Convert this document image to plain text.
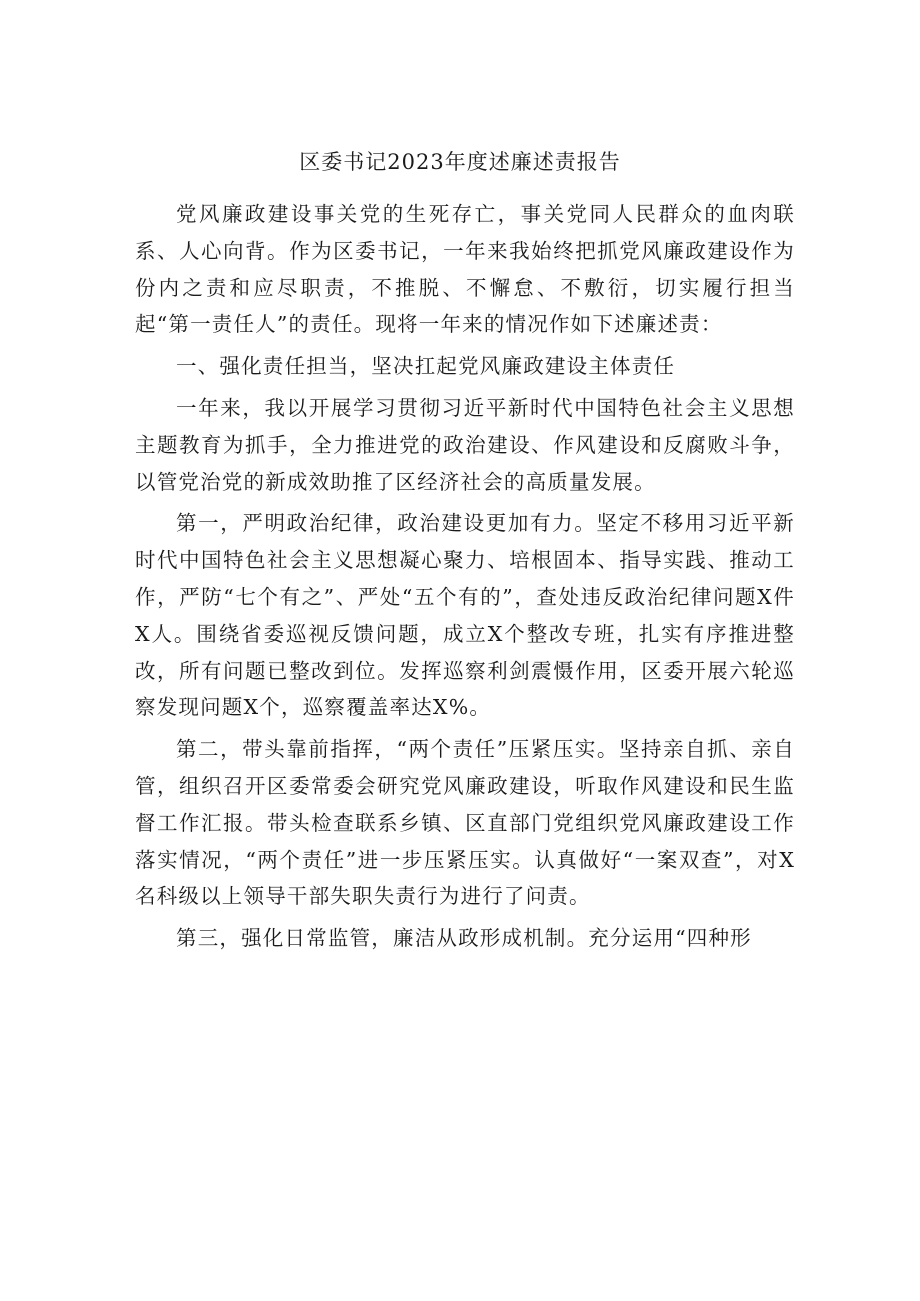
区委书记2023年度述廉述责报告

党风廉政建设事关党的生死存亡，事关党同人民群众的血肉联系、人心向背。作为区委书记，一年来我始终把抓党风廉政建设作为份内之责和应尽职责，不推脱、不懈怠、不敷衍，切实履行担当起“第一责任人”的责任。现将一年来的情况作如下述廉述责：

一、强化责任担当，坚决扛起党风廉政建设主体责任

一年来，我以开展学习贯彻习近平新时代中国特色社会主义思想主题教育为抓手，全力推进党的政治建设、作风建设和反腐败斗争，以管党治党的新成效助推了区经济社会的高质量发展。

第一，严明政治纪律，政治建设更加有力。坚定不移用习近平新时代中国特色社会主义思想凝心聚力、培根固本、指导实践、推动工作，严防“七个有之”、严处“五个有的”，查处违反政治纪律问题X件X人。围绕省委巡视反馈问题，成立X个整改专班，扎实有序推进整改，所有问题已整改到位。发挥巡察利剑震慑作用，区委开展六轮巡察发现问题X个，巡察覆盖率达X%。

第二，带头靠前指挥，“两个责任”压紧压实。坚持亲自抓、亲自管，组织召开区委常委会研究党风廉政建设，听取作风建设和民生监督工作汇报。带头检查联系乡镇、区直部门党组织党风廉政建设工作落实情况，“两个责任”进一步压紧压实。认真做好“一案双查”，对X名科级以上领导干部失职失责行为进行了问责。

第三，强化日常监管，廉洁从政形成机制。充分运用“四种形
